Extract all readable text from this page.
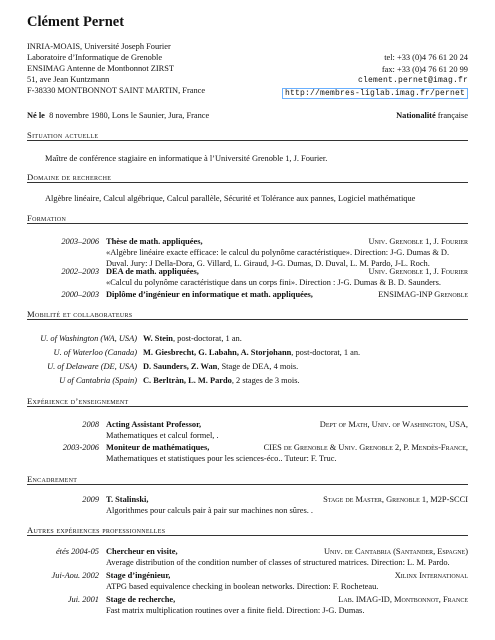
Clément Pernet
INRIA-MOAIS, Université Joseph Fourier
Laboratoire d’Informatique de Grenoble
ENSIMAG Antenne de Montbonnot ZIRST
51, ave Jean Kuntzmann
F-38330 MONTBONNOT SAINT MARTIN, France
tel: +33 (0)4 76 61 20 24
fax: +33 (0)4 76 61 20 99
clement.pernet@imag.fr
http://membres-liglab.imag.fr/pernet
Né le 8 novembre 1980, Lons le Saunier, Jura, France	Nationalité française
Situation actuelle
Maître de conférence stagiaire en informatique à l’Université Grenoble 1, J. Fourier.
Domaine de recherche
Algèbre linéaire, Calcul algébrique, Calcul parallèle, Sécurité et Tolérance aux pannes, Logiciel mathématique
Formation
2003–2006 Thèse de math. appliquées,	Univ. Grenoble 1, J. Fourier
«Algèbre linéaire exacte efficace: le calcul du polynôme caractéristique». Direction: J-G. Dumas & D. Duval. Jury: J Della-Dora, G. Villard, L. Giraud, J-G. Dumas, D. Duval, L. M. Pardo, J-L. Roch.
2002–2003 DEA de math. appliquées,	Univ. Grenoble 1, J. Fourier
«Calcul du polynôme caractéristique dans un corps fini». Direction : J-G. Dumas & B. D. Saunders.
2000–2003 Diplôme d’ingénieur en informatique et math. appliquées,	ENSIMAG-INP Grenoble
Mobilité et collaborateurs
U. of Washington (WA, USA) W. Stein, post-doctorat, 1 an.
U. of Waterloo (Canada) M. Giesbrecht, G. Labahn, A. Storjohann, post-doctorat, 1 an.
U. of Delaware (DE, USA) D. Saunders, Z. Wan, Stage de DEA, 4 mois.
U of Cantabria (Spain) C. Berltràn, L. M. Pardo, 2 stages de 3 mois.
Expérience d’enseignement
2008 Acting Assistant Professor,	Dept of Math, Univ. of Washington, USA,
Mathematiques et calcul formel, .
2003-2006 Moniteur de mathématiques,	CIES de Grenoble & Univ. Grenoble 2, P. Mendès-France,
Mathematiques et statistiques pour les sciences-éco.. Tuteur: F. Truc.
Encadrement
2009 T. Stalinski,	Stage de Master, Grenoble 1, M2P-SCCI
Algorithmes pour calculs pair à pair sur machines non sûres. .
Autres expériences professionnelles
étés 2004-05 Chercheur en visite,	Univ. de Cantabria (Santander, Espagne)
Average distribution of the condition number of classes of structured matrices. Direction: L. M. Pardo.
Jui-Aou. 2002 Stage d’ingénieur,	Xilinx International
ATPG based equivalence checking in boolean networks. Direction: F. Rocheteau.
Jui. 2001 Stage de recherche,	Lab. IMAG-ID, Montbonnot, France
Fast matrix multiplication routines over a finite field. Direction: J-G. Dumas.
